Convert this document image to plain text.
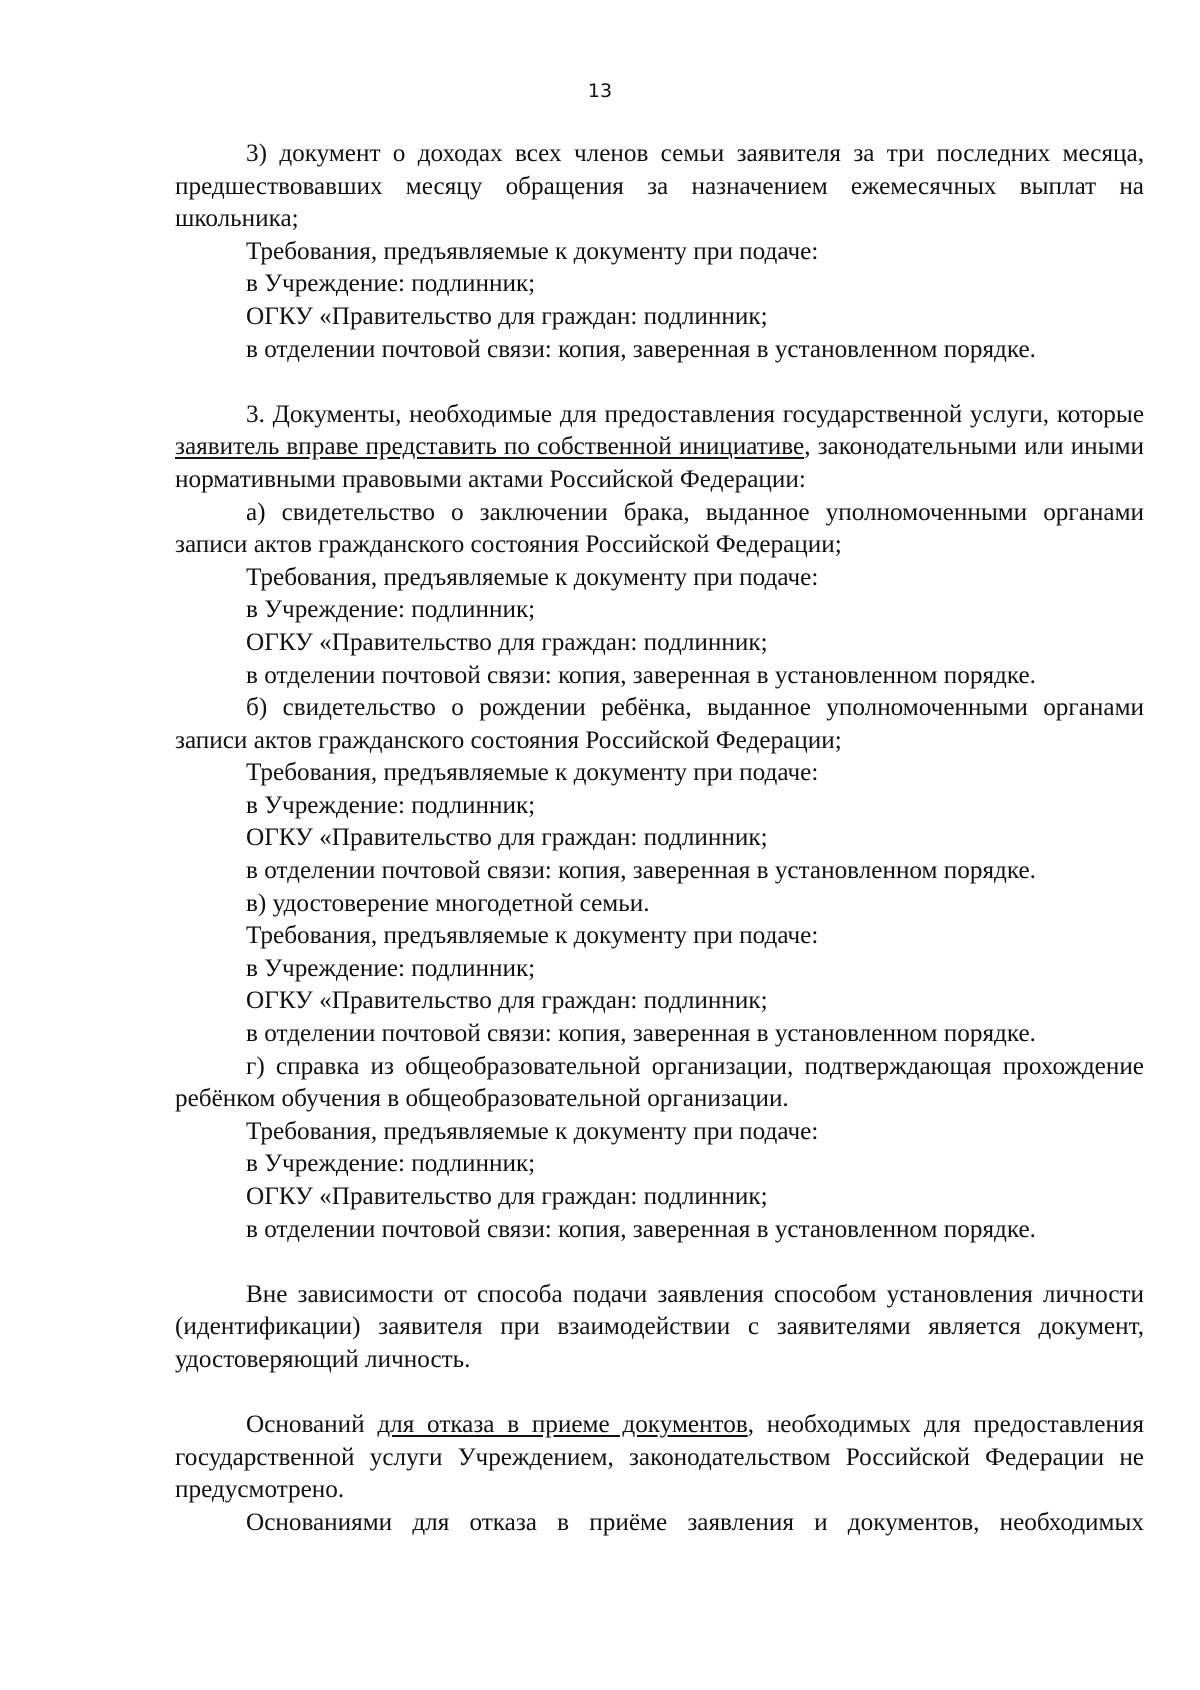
13

3) документ о доходах всех членов семьи заявителя за три последних месяца, предшествовавших месяцу обращения за назначением ежемесячных выплат на школьника;

Требования, предъявляемые к документу при подаче:

в Учреждение: подлинник;

ОГКУ «Правительство для граждан: подлинник;

в отделении почтовой связи: копия, заверенная в установленном порядке.

3. Документы, необходимые для предоставления государственной услуги, которые заявитель вправе представить по собственной инициативе, законодательными или иными нормативными правовыми актами Российской Федерации:

а) свидетельство о заключении брака, выданное уполномоченными органами записи актов гражданского состояния Российской Федерации;

Требования, предъявляемые к документу при подаче:

в Учреждение: подлинник;

ОГКУ «Правительство для граждан: подлинник;

в отделении почтовой связи: копия, заверенная в установленном порядке.

б) свидетельство о рождении ребёнка, выданное уполномоченными органами записи актов гражданского состояния Российской Федерации;

Требования, предъявляемые к документу при подаче:

в Учреждение: подлинник;

ОГКУ «Правительство для граждан: подлинник;

в отделении почтовой связи: копия, заверенная в установленном порядке.

в) удостоверение многодетной семьи.

Требования, предъявляемые к документу при подаче:

в Учреждение: подлинник;

ОГКУ «Правительство для граждан: подлинник;

в отделении почтовой связи: копия, заверенная в установленном порядке.

г) справка из общеобразовательной организации, подтверждающая прохождение ребёнком обучения в общеобразовательной организации.

Требования, предъявляемые к документу при подаче:

в Учреждение: подлинник;

ОГКУ «Правительство для граждан: подлинник;

в отделении почтовой связи: копия, заверенная в установленном порядке.

Вне зависимости от способа подачи заявления способом установления личности (идентификации) заявителя при взаимодействии с заявителями является документ, удостоверяющий личность.

Оснований для отказа в приеме документов, необходимых для предоставления государственной услуги Учреждением, законодательством Российской Федерации не предусмотрено.

Основаниями для отказа в приёме заявления и документов, необходимых
